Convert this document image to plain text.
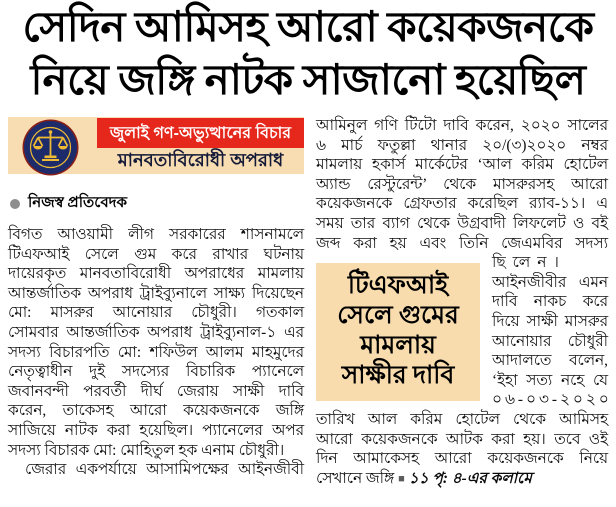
সেদিন আমিসহ আরো কয়েকজনকে
নিয়ে জঙ্গি নাটক সাজানো হয়েছিল
জুলাই গণ-অভ্যুত্থানের বিচার
মানবতাবিরোধী অপরাধ
নিজস্ব প্রতিবেদক
বিগত আওয়ামী লীগ সরকারের শাসনামলে
টিএফআই সেলে গুম করে রাখার ঘটনায়
দায়েরকৃত মানবতাবিরোধী অপরাধের মামলায়
আন্তর্জাতিক অপরাধ ট্রাইব্যুনালে সাক্ষ্য দিয়েছেন
মো: মাসরুর আনোয়ার চৌধুরী। গতকাল
সোমবার আন্তর্জাতিক অপরাধ ট্রাইব্যুনাল-১ এর
সদস্য বিচারপতি মো: শফিউল আলম মাহমুদের
নেতৃত্বাধীন দুই সদস্যের বিচারিক প্যানেলে
জবানবন্দী পরবর্তী দীর্ঘ জেরায় সাক্ষী দাবি
করেন, তাকেসহ আরো কয়েকজনকে জঙ্গি
সাজিয়ে নাটক করা হয়েছিল। প্যানেলের অপর
সদস্য বিচারক মো: মোহিতুল হক এনাম চৌধুরী।
জেরার একপর্যায়ে আসামিপক্ষের আইনজীবী
আমিনুল গণি টিটো দাবি করেন, ২০২০ সালের
৬ মার্চ ফতুল্লা থানার ২০/(৩)২০২০ নম্বর
মামলায় হকার্স মার্কেটের ‘আল করিম হোটেল
অ্যান্ড রেস্টুরেন্ট’ থেকে মাসরুরসহ আরো
কয়েকজনকে গ্রেফতার করেছিল র‍্যাব-১১। এ
সময় তার ব্যাগ থেকে উগ্রবাদী লিফলেট ও বই
জব্দ করা হয় এবং তিনি জেএমবির সদস্য
টিএফআই
সেলে গুমের
মামলায়
সাক্ষীর দাবি
ছিলেন।
আইনজীবীর এমন
দাবি নাকচ করে
দিয়ে সাক্ষী মাসরুর
আনোয়ার চৌধুরী
আদালতে বলেন,
‘ইহা সত্য নহে যে
০৬-০৩-২০২০
তারিখ আল করিম হোটেল থেকে আমিসহ
আরো কয়েকজনকে আটক করা হয়। তবে ওই
দিন আমাকেসহ আরো কয়েকজনকে নিয়ে
সেখানে জঙ্গি ■ ১১ পৃ: ৪-এর কলামে
